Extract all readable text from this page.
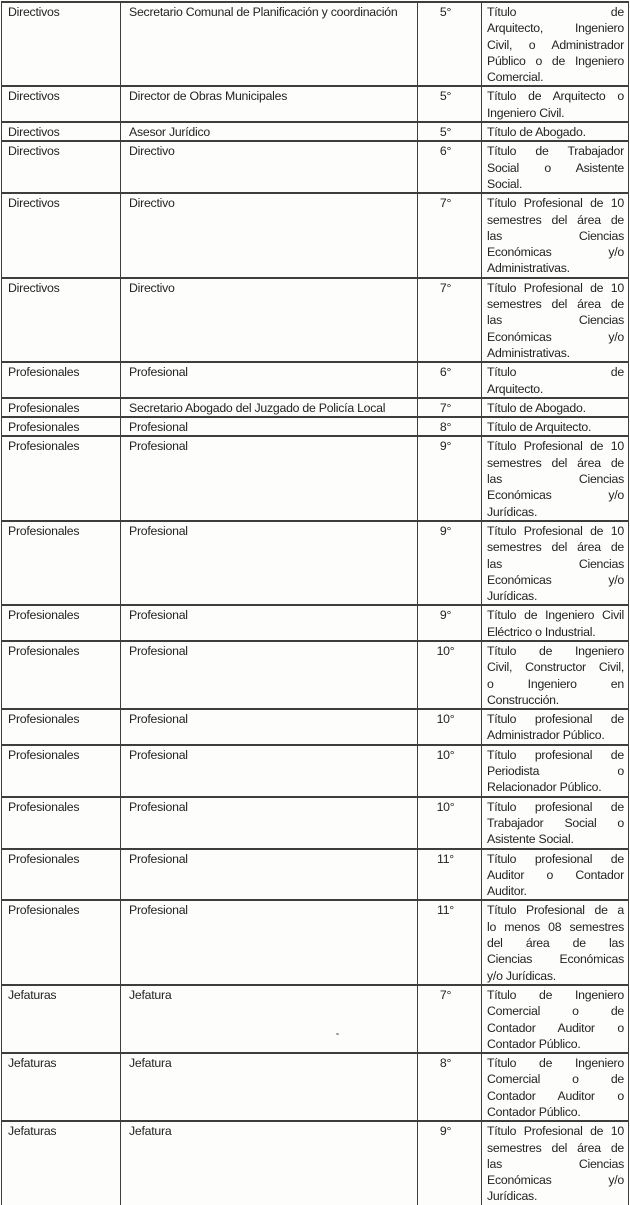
Directivos	Secretario Comunal de Planificación y coordinación	5°	Título de
Arquitecto, Ingeniero
Civil, o Administrador
Público o de Ingeniero
Comercial.

Directivos	Director de Obras Municipales	5°	Título de Arquitecto o
Ingeniero Civil.

Directivos	Asesor Jurídico	5°	Título de Abogado.

Directivos	Directivo	6°	Título de Trabajador
Social o Asistente
Social.

Directivos	Directivo	7°	Título Profesional de 10
semestres del área de
las Ciencias
Económicas y/o
Administrativas.

Directivos	Directivo	7°	Título Profesional de 10
semestres del área de
las Ciencias
Económicas y/o
Administrativas.

Profesionales	Profesional	6°	Título de
Arquitecto.

Profesionales	Secretario Abogado del Juzgado de Policía Local	7°	Título de Abogado.

Profesionales	Profesional	8°	Título de Arquitecto.

Profesionales	Profesional	9°	Título Profesional de 10
semestres del área de
las Ciencias
Económicas y/o
Jurídicas.

Profesionales	Profesional	9°	Título Profesional de 10
semestres del área de
las Ciencias
Económicas y/o
Jurídicas.

Profesionales	Profesional	9°	Título de Ingeniero Civil
Eléctrico o Industrial.

Profesionales	Profesional	10°	Título de Ingeniero
Civil, Constructor Civil,
o Ingeniero en
Construcción.

Profesionales	Profesional	10°	Título profesional de
Administrador Público.

Profesionales	Profesional	10°	Título profesional de
Periodista o
Relacionador Público.

Profesionales	Profesional	10°	Título profesional de
Trabajador Social o
Asistente Social.

Profesionales	Profesional	11°	Título profesional de
Auditor o Contador
Auditor.

Profesionales	Profesional	11°	Título Profesional de a
lo menos 08 semestres
del área de las
Ciencias Económicas
y/o Jurídicas.

Jefaturas	Jefatura	7°	Título de Ingeniero
Comercial o de
Contador Auditor o
Contador Público.

Jefaturas	Jefatura	8°	Título de Ingeniero
Comercial o de
Contador Auditor o
Contador Público.

Jefaturas	Jefatura	9°	Título Profesional de 10
semestres del área de
las Ciencias
Económicas y/o
Jurídicas.
